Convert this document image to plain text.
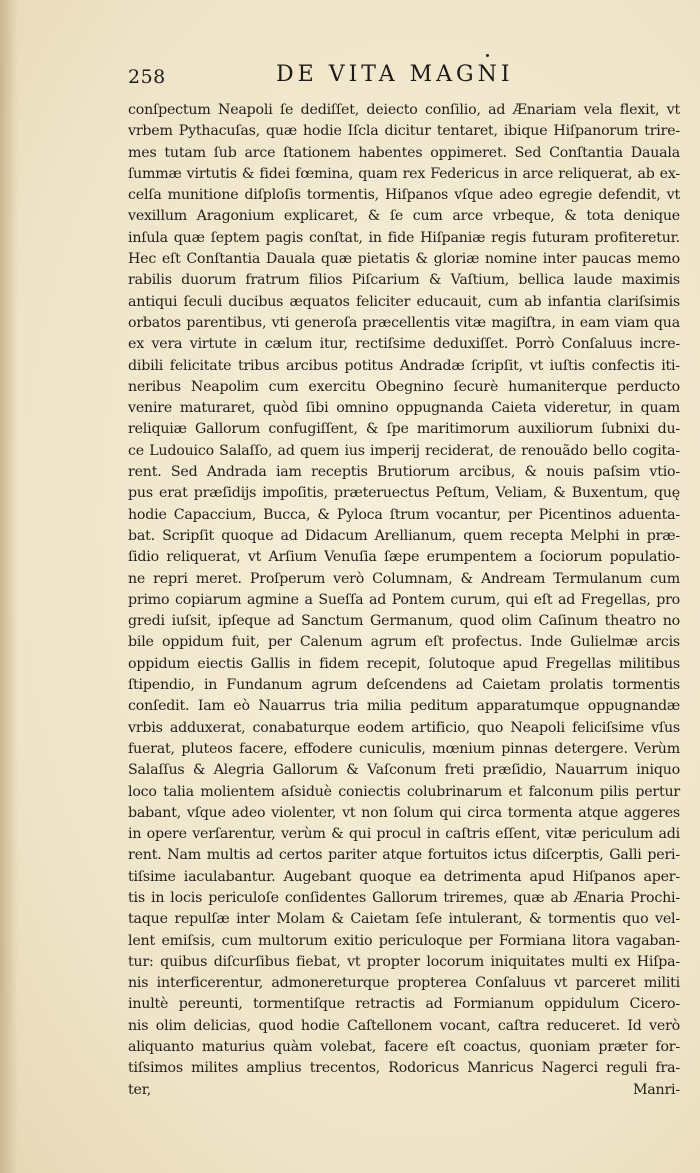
258	DE VITA MAGNI
conſpectum Neapoli ſe dediſſet, deiecto conſilio, ad Ænariam vela flexit, vt
vrbem Pythacuſas, quæ hodie Iſcla dicitur tentaret, ibique Hiſpanorum trire-
mes tutam ſub arce ſtationem habentes oppimeret. Sed Conſtantia Dauala
ſummæ virtutis & fidei fœmina, quam rex Federicus in arce reliquerat, ab ex-
celſa munitione diſploſis tormentis, Hiſpanos vſque adeo egregie defendit, vt
vexillum Aragonium explicaret, & ſe cum arce vrbeque, & tota denique
inſula quæ ſeptem pagis conſtat, in fide Hiſpaniæ regis futuram profiteretur.
Hec eſt Conſtantia Dauala quæ pietatis & gloriæ nomine inter paucas memo
rabilis duorum fratrum filios Piſcarium & Vaſtium, bellica laude maximis
antiqui ſeculi ducibus æquatos feliciter educauit, cum ab infantia clariſsimis
orbatos parentibus, vti generoſa præcellentis vitæ magiſtra, in eam viam qua
ex vera virtute in cælum itur, rectiſsime deduxiſſet. Porrò Conſaluus incre-
dibili felicitate tribus arcibus potitus Andradæ ſcripſit, vt iuſtis confectis iti-
neribus Neapolim cum exercitu Obegnino ſecurè humaniterque perducto
venire maturaret, quòd ſibi omnino oppugnanda Caieta videretur, in quam
reliquiæ Gallorum confugiſſent, & ſpe maritimorum auxiliorum ſubnixi du-
ce Ludouico Salaſſo, ad quem ius imperij reciderat, de renouãdo bello cogita-
rent. Sed Andrada iam receptis Brutiorum arcibus, & nouis paſsim vtio-
pus erat præſidijs impoſitis, præteruectus Peſtum, Veliam, & Buxentum, quę
hodie Capaccium, Bucca, & Pyloca ſtrum vocantur, per Picentinos aduenta-
bat. Scripſit quoque ad Didacum Arellianum, quem recepta Melphi in præ-
ſidio reliquerat, vt Arſium Venuſia ſæpe erumpentem a ſociorum populatio-
ne repri meret. Proſperum verò Columnam, & Andream Termulanum cum
primo copiarum agmine a Sueſſa ad Pontem curum, qui eſt ad Fregellas, pro
gredi iuſsit, ipſeque ad Sanctum Germanum, quod olim Caſinum theatro no
bile oppidum fuit, per Calenum agrum eſt profectus. Inde Gulielmæ arcis
oppidum eiectis Gallis in fidem recepit, ſolutoque apud Fregellas militibus
ſtipendio, in Fundanum agrum deſcendens ad Caietam prolatis tormentis
conſedit. Iam eò Nauarrus tria milia peditum apparatumque oppugnandæ
vrbis adduxerat, conabaturque eodem artificio, quo Neapoli feliciſsime vſus
fuerat, pluteos facere, effodere cuniculis, mœnium pinnas detergere. Verùm
Salaſſus & Alegria Gallorum & Vaſconum freti præſidio, Nauarrum iniquo
loco talia molientem aſsiduè coniectis colubrinarum et falconum pilis pertur
babant, vſque adeo violenter, vt non ſolum qui circa tormenta atque aggeres
in opere verſarentur, verùm & qui procul in caſtris eſſent, vitæ periculum adi
rent. Nam multis ad certos pariter atque fortuitos ictus diſcerptis, Galli peri-
tiſsime iaculabantur. Augebant quoque ea detrimenta apud Hiſpanos aper-
tis in locis periculoſe conſidentes Gallorum triremes, quæ ab Ænaria Prochi-
taque repulſæ inter Molam & Caietam ſeſe intulerant, & tormentis quo vel-
lent emiſsis, cum multorum exitio periculoque per Formiana litora vagaban-
tur: quibus diſcurſibus fiebat, vt propter locorum iniquitates multi ex Hiſpa-
nis interficerentur, admonereturque propterea Conſaluus vt parceret militi
inultè pereunti, tormentiſque retractis ad Formianum oppidulum Cicero-
nis olim delicias, quod hodie Caſtellonem vocant, caſtra reduceret. Id verò
aliquanto maturius quàm volebat, facere eſt coactus, quoniam præter for-
tiſsimos milites amplius trecentos, Rodoricus Manricus Nagerci reguli fra-
ter, Manri-
